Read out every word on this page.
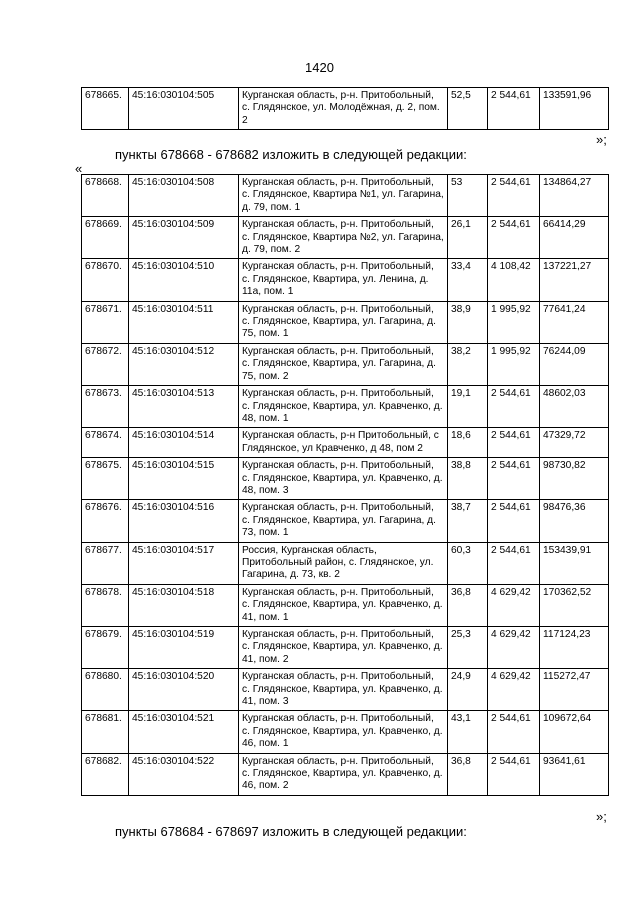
1420
678665.	45:16:030104:505	Курганская область, р-н. Притобольный, с. Глядянское, ул. Молодёжная, д. 2, пом. 2	52,5	2 544,61	133591,96
»;
пункты 678668 - 678682 изложить в следующей редакции:
«
678668.	45:16:030104:508	Курганская область, р-н. Притобольный, с. Глядянское, Квартира №1, ул. Гагарина, д. 79, пом. 1	53	2 544,61	134864,27
678669.	45:16:030104:509	Курганская область, р-н. Притобольный, с. Глядянское, Квартира №2, ул. Гагарина, д. 79, пом. 2	26,1	2 544,61	66414,29
678670.	45:16:030104:510	Курганская область, р-н. Притобольный, с. Глядянское, Квартира, ул. Ленина, д. 11а, пом. 1	33,4	4 108,42	137221,27
678671.	45:16:030104:511	Курганская область, р-н. Притобольный, с. Глядянское, Квартира, ул. Гагарина, д. 75, пом. 1	38,9	1 995,92	77641,24
678672.	45:16:030104:512	Курганская область, р-н. Притобольный, с. Глядянское, Квартира, ул. Гагарина, д. 75, пом. 2	38,2	1 995,92	76244,09
678673.	45:16:030104:513	Курганская область, р-н. Притобольный, с. Глядянское, Квартира, ул. Кравченко, д. 48, пом. 1	19,1	2 544,61	48602,03
678674.	45:16:030104:514	Курганская область, р-н Притобольный, с Глядянское, ул Кравченко, д 48, пом 2	18,6	2 544,61	47329,72
678675.	45:16:030104:515	Курганская область, р-н. Притобольный, с. Глядянское, Квартира, ул. Кравченко, д. 48, пом. 3	38,8	2 544,61	98730,82
678676.	45:16:030104:516	Курганская область, р-н. Притобольный, с. Глядянское, Квартира, ул. Гагарина, д. 73, пом. 1	38,7	2 544,61	98476,36
678677.	45:16:030104:517	Россия, Курганская область, Притобольный район, с. Глядянское, ул. Гагарина, д. 73, кв. 2	60,3	2 544,61	153439,91
678678.	45:16:030104:518	Курганская область, р-н. Притобольный, с. Глядянское, Квартира, ул. Кравченко, д. 41, пом. 1	36,8	4 629,42	170362,52
678679.	45:16:030104:519	Курганская область, р-н. Притобольный, с. Глядянское, Квартира, ул. Кравченко, д. 41, пом. 2	25,3	4 629,42	117124,23
678680.	45:16:030104:520	Курганская область, р-н. Притобольный, с. Глядянское, Квартира, ул. Кравченко, д. 41, пом. 3	24,9	4 629,42	115272,47
678681.	45:16:030104:521	Курганская область, р-н. Притобольный, с. Глядянское, Квартира, ул. Кравченко, д. 46, пом. 1	43,1	2 544,61	109672,64
678682.	45:16:030104:522	Курганская область, р-н. Притобольный, с. Глядянское, Квартира, ул. Кравченко, д. 46, пом. 2	36,8	2 544,61	93641,61
»;
пункты 678684 - 678697 изложить в следующей редакции:
